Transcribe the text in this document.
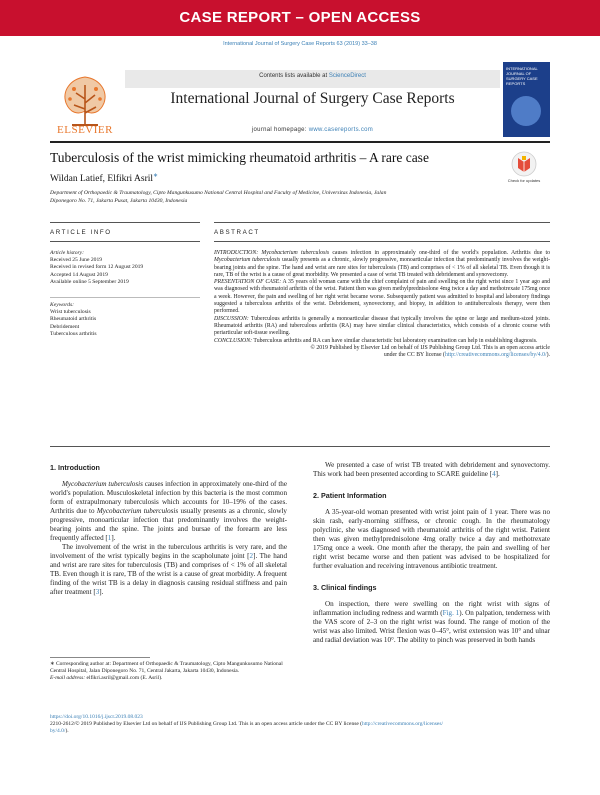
CASE REPORT – OPEN ACCESS
International Journal of Surgery Case Reports 63 (2019) 33–38
Contents lists available at ScienceDirect
ELSEVIER
International Journal of Surgery Case Reports
journal homepage: www.casereports.com
INTERNATIONAL JOURNAL OF SURGERY CASE REPORTS
Tuberculosis of the wrist mimicking rheumatoid arthritis – A rare case
Check for updates
Wildan Latief, Elfikri Asril∗
Department of Orthopaedic & Traumatology, Cipto Mangunkusumo National Central Hospital and Faculty of Medicine, Universitas Indonesia, Jalan
Diponegoro No. 71, Jakarta Pusat, Jakarta 10430, Indonesia
ARTICLE INFO	ABSTRACT
Article history:
Received 25 June 2019
Received in revised form 12 August 2019
Accepted 14 August 2019
Available online 5 September 2019
Keywords:
Wrist tuberculosis
Rheumatoid arthritis
Debridement
Tuberculous arthritis

INTRODUCTION: Mycobacterium tuberculosis causes infection in approximately one-third of the world's population. Arthritis due to Mycobacterium tuberculosis usually presents as a chronic, slowly progressive, monoarticular infection that predominantly involves the weight-bearing joints and the spine. The hand and wrist are rare sites for tuberculosis (TB) and comprises of < 1% of all skeletal TB. Even though it is rare, TB of the wrist is a cause of great morbidity. We presented a case of wrist TB treated with debridement and synovectomy.

PRESENTATION OF CASE: A 35 years old woman came with the chief complaint of pain and swelling on the right wrist since 1 year ago and was diagnosed with rheumatoid arthritis of the wrist. Patient then was given methylprednisolone 4mg twice a day and methotrexate 175mg once a week. However, the pain and swelling of her right wrist became worse. Subsequently patient was admitted to hospital and laboratory findings suggested a tuberculous arthritis of the wrist. Debridement, synovectomy, and biopsy, in addition to antituberculosis therapy, were then performed.

DISCUSSION: Tuberculous arthritis is generally a monoarticular disease that typically involves the spine or large and medium-sized joints. Rheumatoid arthritis (RA) and tuberculous arthritis (RA) may have similar clinical characteristics, which consists of a chronic course with periarticular soft-tissue swelling.

CONCLUSION: Tuberculous arthritis and RA can have similar characteristic but laboratory examination can help in establishing diagnosis.

© 2019 Published by Elsevier Ltd on behalf of IJS Publishing Group Ltd. This is an open access article

under the CC BY license (http://creativecommons.org/licenses/by/4.0/).

1. Introduction

Mycobacterium tuberculosis causes infection in approximately one-third of the world's population. Musculoskeletal infection by this bacteria is the most common form of extrapulmonary tuberculosis which accounts for 10–19% of the cases. Arthritis due to Mycobacterium tuberculosis usually presents as a chronic, slowly progressive, monoarticular infection that predominantly involves the weight-bearing joints and the spine. The joints and bursae of the forearm are less frequently affected [1].

The involvement of the wrist in the tuberculous arthritis is very rare, and the involvement of the wrist typically begins in the scapholunate joint [2]. The hand and wrist are rare sites for tuberculosis (TB) and comprises of < 1% of all skeletal TB. Even though it is rare, TB of the wrist is a cause of great morbidity. A frequent finding of the wrist TB is a delay in diagnosis causing residual stiffness and pain after treatment [3].

We presented a case of wrist TB treated with debridement and synovectomy. This work had been presented according to SCARE guideline [4].

2. Patient Information

A 35-year-old woman presented with wrist joint pain of 1 year. There was no skin rash, early-morning stiffness, or chronic cough. In the rheumatology polyclinic, she was diagnosed with rheumatoid arthritis of the right wrist. Patient then was given methylprednisolone 4mg orally twice a day and methotrexate 175mg once a week. One month after the therapy, the pain and swelling of her right wrist became worse and then patient was advised to be hospitalized for further evaluation and receiving intravenous antibiotic treatment.

3. Clinical findings

On inspection, there were swelling on the right wrist with signs of inflammation including redness and warmth (Fig. 1). On palpation, tenderness with the VAS score of 2–3 on the right wrist was found. The range of motion of the wrist was also limited. Wrist flexion was 0–45°, wrist extension was 10° and ulnar and radial deviation was 10°. The ability to pinch was preserved in both hands

∗ Corresponding author at: Department of Orthopaedic & Traumatology, Cipto Mangunkusumo National Central Hospital, Jalan Diponegoro No. 71, Central Jakarta, Jakarta 10430, Indonesia.
E-mail address: elfikri.asril@gmail.com (E. Asril).
https://doi.org/10.1016/j.ijscr.2019.08.023
2210-2612/© 2019 Published by Elsevier Ltd on behalf of IJS Publishing Group Ltd. This is an open access article under the CC BY license (http://creativecommons.org/licenses/
by/4.0/).
